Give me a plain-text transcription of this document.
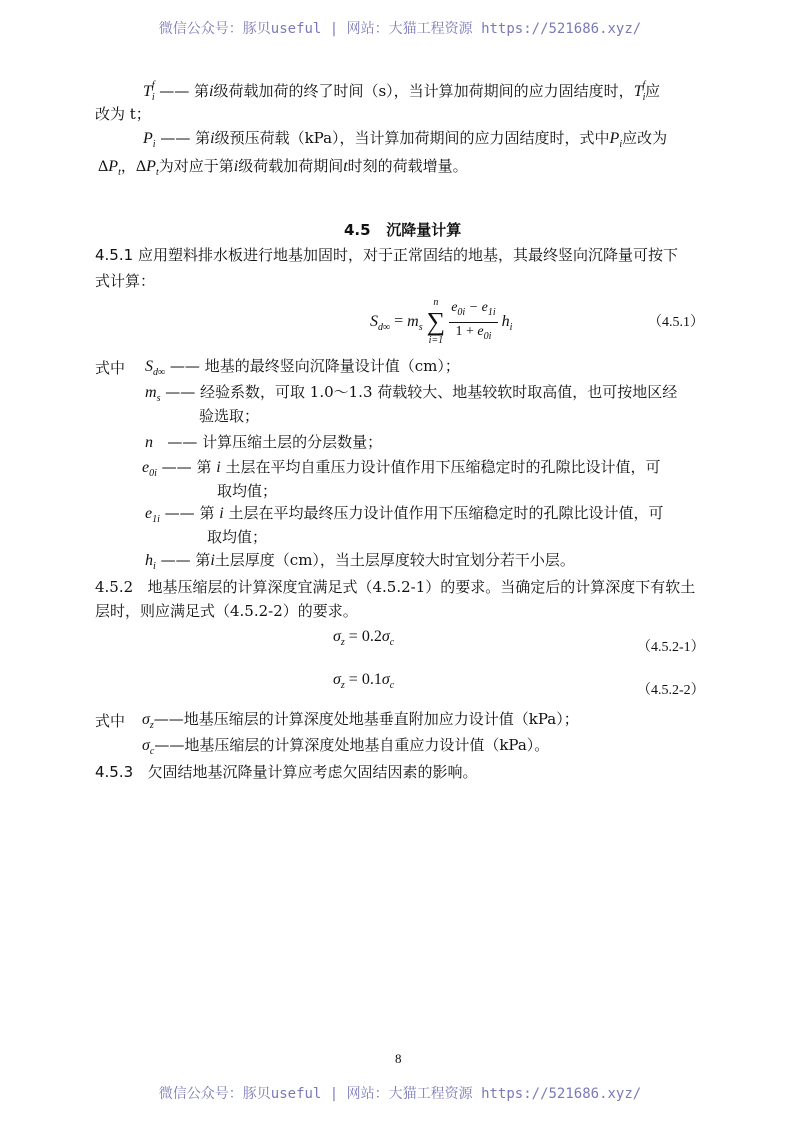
微信公众号：豚贝useful | 网站：大猫工程资源 https://521686.xyz/
$T_i^f$ —— 第i级荷载加荷的终了时间（s），当计算加荷期间的应力固结度时，$T_i^f$应
改为 t；
$P_i$ —— 第i级预压荷载（kPa），当计算加荷期间的应力固结度时，式中$P_i$应改为
$\Delta P_t$，$\Delta P_t$为对应于第i级荷载加荷期间t时刻的荷载增量。
4.5 沉降量计算
4.5.1 应用塑料排水板进行地基加固时，对于正常固结的地基，其最终竖向沉降量可按下
式计算：
$S_{d\infty} = m_s$
n
∑
i=1
$\frac{e_{0i} - e_{1i}}{1 + e_{0i}} h_i$	（4.5.1）
式中 $S_{d\infty}$ —— 地基的最终竖向沉降量设计值（cm）；
$m_s$ —— 经验系数，可取 1.0～1.3 荷载较大、地基较软时取高值，也可按地区经
验选取；
n —— 计算压缩土层的分层数量；
$e_{0i}$ —— 第 i 土层在平均自重压力设计值作用下压缩稳定时的孔隙比设计值，可
取均值；
$e_{1i}$ —— 第 i 土层在平均最终压力设计值作用下压缩稳定时的孔隙比设计值，可
取均值；
$h_i$ —— 第i土层厚度（cm），当土层厚度较大时宜划分若干小层。
4.5.2 地基压缩层的计算深度宜满足式（4.5.2-1）的要求。当确定后的计算深度下有软土
层时，则应满足式（4.5.2-2）的要求。
$\sigma_z = 0.2\sigma_c$	（4.5.2-1）
$\sigma_z = 0.1\sigma_c$	（4.5.2-2）
式中 $\sigma_z——$地基压缩层的计算深度处地基垂直附加应力设计值（kPa）；
$\sigma_c——$地基压缩层的计算深度处地基自重应力设计值（kPa）。
4.5.3 欠固结地基沉降量计算应考虑欠固结因素的影响。
8
微信公众号：豚贝useful | 网站：大猫工程资源 https://521686.xyz/
